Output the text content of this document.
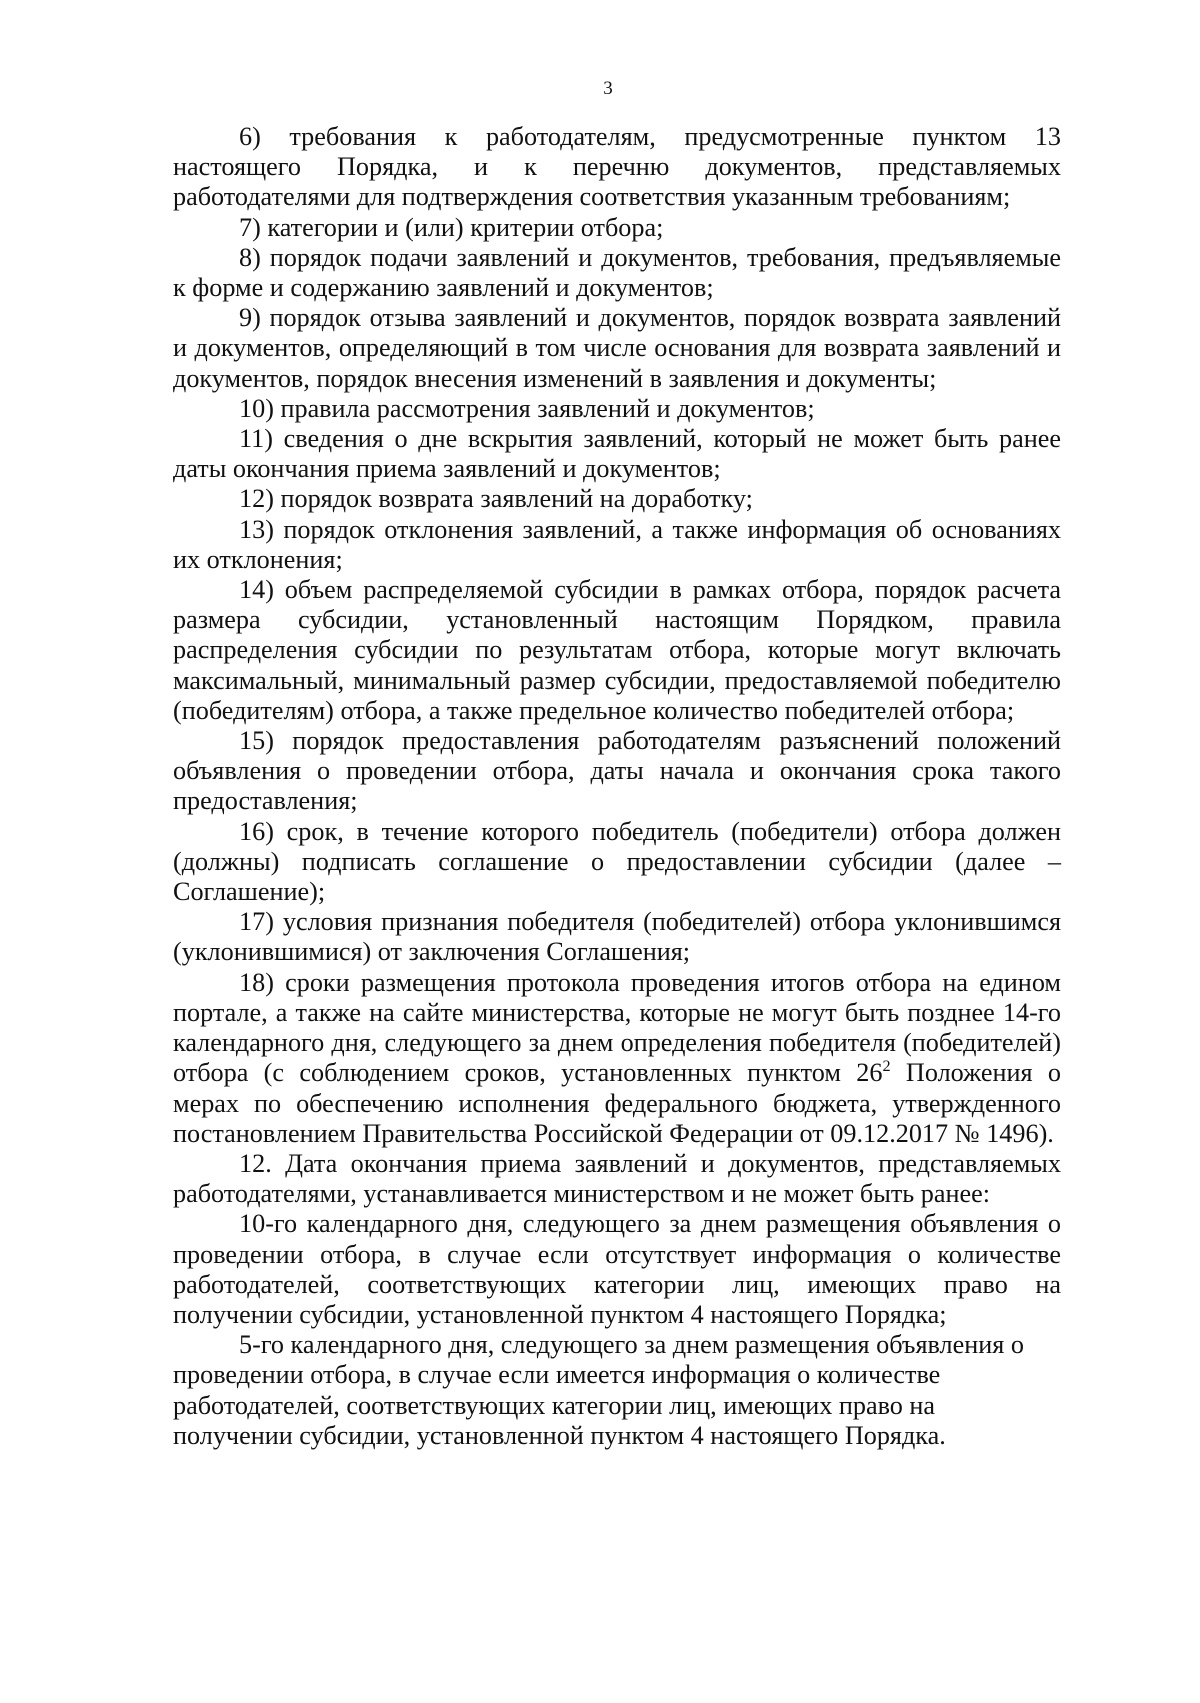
3

6) требования к работодателям, предусмотренные пунктом 13 настоящего Порядка, и к перечню документов, представляемых работодателями для подтверждения соответствия указанным требованиям;

7) категории и (или) критерии отбора;

8) порядок подачи заявлений и документов, требования, предъявляемые к форме и содержанию заявлений и документов;

9) порядок отзыва заявлений и документов, порядок возврата заявлений и документов, определяющий в том числе основания для возврата заявлений и документов, порядок внесения изменений в заявления и документы;

10) правила рассмотрения заявлений и документов;

11) сведения о дне вскрытия заявлений, который не может быть ранее даты окончания приема заявлений и документов;

12) порядок возврата заявлений на доработку;

13) порядок отклонения заявлений, а также информация об основаниях их отклонения;

14) объем распределяемой субсидии в рамках отбора, порядок расчета размера субсидии, установленный настоящим Порядком, правила распределения субсидии по результатам отбора, которые могут включать максимальный, минимальный размер субсидии, предоставляемой победителю (победителям) отбора, а также предельное количество победителей отбора;

15) порядок предоставления работодателям разъяснений положений объявления о проведении отбора, даты начала и окончания срока такого предоставления;

16) срок, в течение которого победитель (победители) отбора должен (должны) подписать соглашение о предоставлении субсидии (далее – Соглашение);

17) условия признания победителя (победителей) отбора уклонившимся (уклонившимися) от заключения Соглашения;

18) сроки размещения протокола проведения итогов отбора на едином портале, а также на сайте министерства, которые не могут быть позднее 14-го календарного дня, следующего за днем определения победителя (победителей) отбора (с соблюдением сроков, установленных пунктом $26^2$ Положения о мерах по обеспечению исполнения федерального бюджета, утвержденного постановлением Правительства Российской Федерации от 09.12.2017 № 1496).

12. Дата окончания приема заявлений и документов, представляемых работодателями, устанавливается министерством и не может быть ранее:

10-го календарного дня, следующего за днем размещения объявления о проведении отбора, в случае если отсутствует информация о количестве работодателей, соответствующих категории лиц, имеющих право на получении субсидии, установленной пунктом 4 настоящего Порядка;

5-го календарного дня, следующего за днем размещения объявления о проведении отбора, в случае если имеется информация о количестве работодателей, соответствующих категории лиц, имеющих право на получении субсидии, установленной пунктом 4 настоящего Порядка.
